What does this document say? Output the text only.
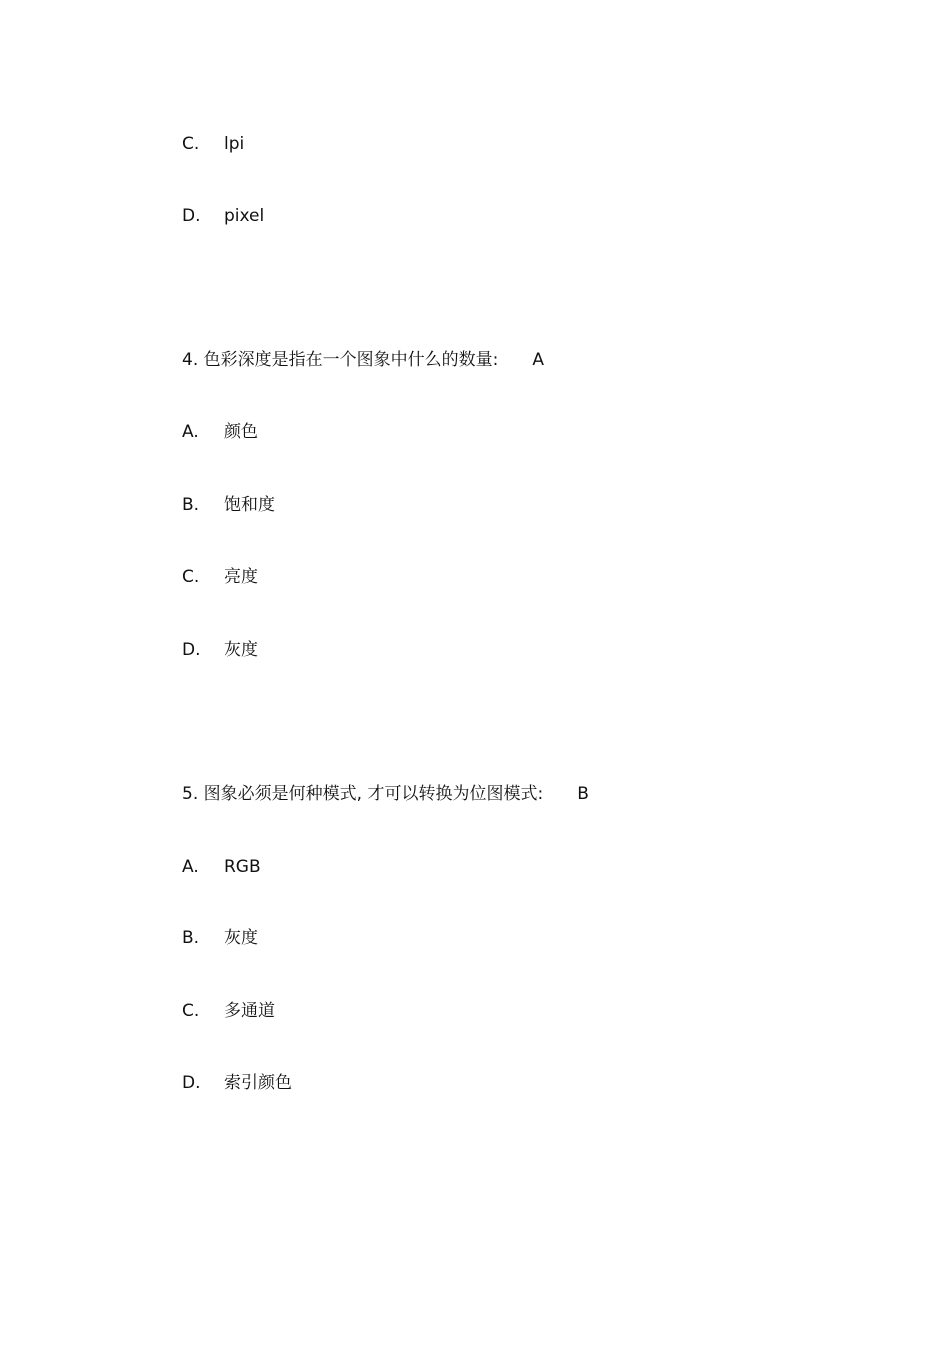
C. lpi
D. pixel
4. 色彩深度是指在一个图象中什么的数量: A
A. 颜色
B. 饱和度
C. 亮度
D. 灰度
5. 图象必须是何种模式, 才可以转换为位图模式: B
A. RGB
B. 灰度
C. 多通道
D. 索引颜色
